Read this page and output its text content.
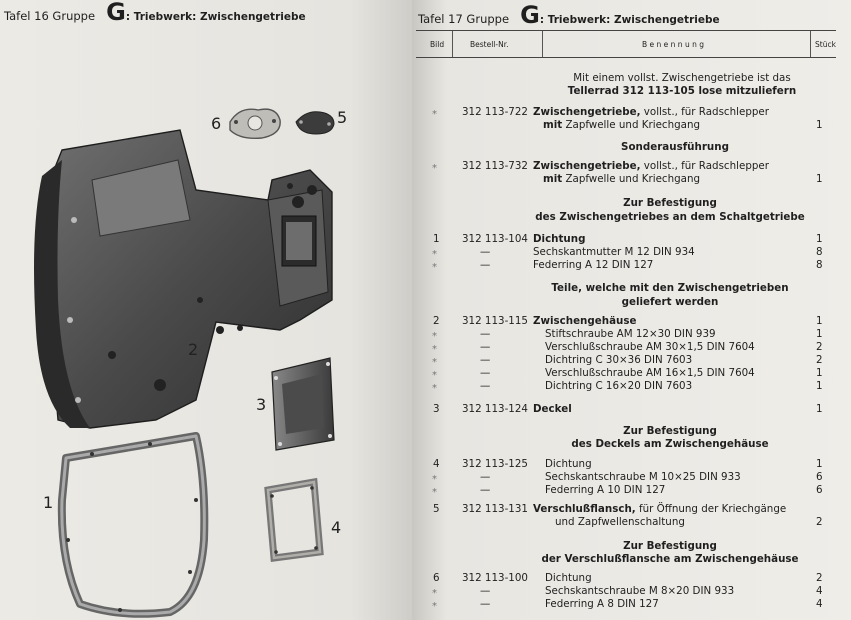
Tafel 16 Gruppe G: Triebwerk: Zwischengetriebe	Tafel 17 Gruppe G: Triebwerk: Zwischengetriebe
6	5
2
3
1
4
Bild	Bestell-Nr.	B e n e n n u n g	Stück
Mit einem vollst. Zwischengetriebe ist das
Tellerrad 312 113-105 lose mitzuliefern
* 312 113-722 Zwischengetriebe, vollst., für Radschlepper
mit Zapfwelle und Kriechgang	1
Sonderausführung
* 312 113-732 Zwischengetriebe, vollst., für Radschlepper
mit Zapfwelle und Kriechgang	1
Zur Befestigung
des Zwischengetriebes an dem Schaltgetriebe
1 312 113-104 Dichtung	1
*	—	Sechskantmutter M 12 DIN 934	8
*	—	Federring A 12 DIN 127	8
Teile, welche mit den Zwischengetrieben
geliefert werden
2 312 113-115 Zwischengehäuse	1
*	—	Stiftschraube AM 12×30 DIN 939	1
*	—	Verschlußschraube AM 30×1,5 DIN 7604	2
*	—	Dichtring C 30×36 DIN 7603	2
*	—	Verschlußschraube AM 16×1,5 DIN 7604	1
*	—	Dichtring C 16×20 DIN 7603	1
3 312 113-124 Deckel	1
Zur Befestigung
des Deckels am Zwischengehäuse
4 312 113-125 Dichtung	1
*	—	Sechskantschraube M 10×25 DIN 933	6
*	—	Federring A 10 DIN 127	6
5 312 113-131 Verschlußflansch, für Öffnung der Kriechgänge
und Zapfwellenschaltung	2
Zur Befestigung
der Verschlußflansche am Zwischengehäuse
6 312 113-100 Dichtung	2
*	—	Sechskantschraube M 8×20 DIN 933	4
*	—	Federring A 8 DIN 127	4
